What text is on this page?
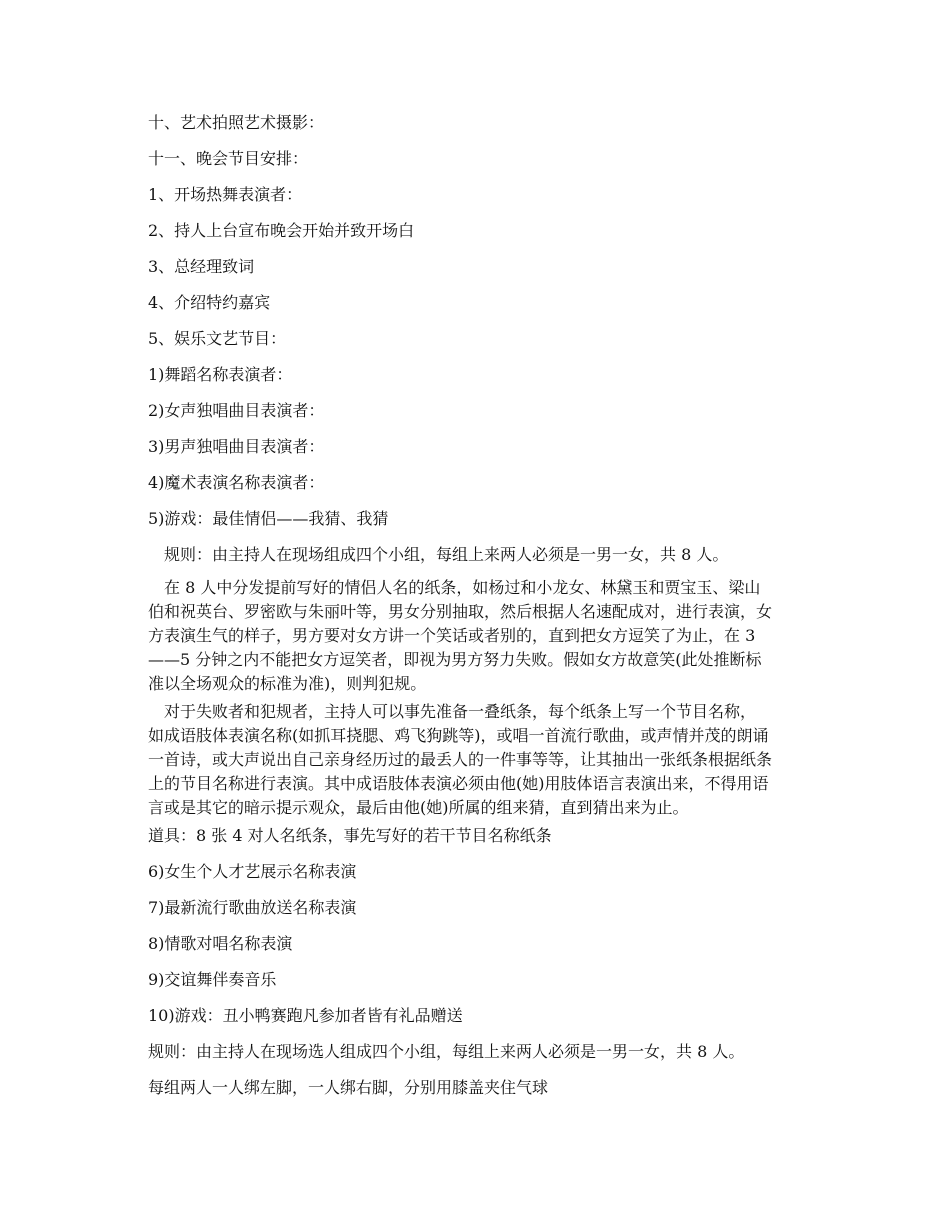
十、艺术拍照艺术摄影：
十一、晚会节目安排：
1、开场热舞表演者：
2、持人上台宣布晚会开始并致开场白
3、总经理致词
4、介绍特约嘉宾
5、娱乐文艺节目：
1)舞蹈名称表演者：
2)女声独唱曲目表演者：
3)男声独唱曲目表演者：
4)魔术表演名称表演者：
5)游戏：最佳情侣——我猜、我猜
　规则：由主持人在现场组成四个小组，每组上来两人必须是一男一女，共 8 人。
　在 8 人中分发提前写好的情侣人名的纸条，如杨过和小龙女、林黛玉和贾宝玉、梁山
伯和祝英台、罗密欧与朱丽叶等，男女分别抽取，然后根据人名速配成对，进行表演，女
方表演生气的样子，男方要对女方讲一个笑话或者别的，直到把女方逗笑了为止，在 3
——5 分钟之内不能把女方逗笑者，即视为男方努力失败。假如女方故意笑(此处推断标
准以全场观众的标准为准)，则判犯规。
　对于失败者和犯规者，主持人可以事先准备一叠纸条，每个纸条上写一个节目名称，
如成语肢体表演名称(如抓耳挠腮、鸡飞狗跳等)，或唱一首流行歌曲，或声情并茂的朗诵
一首诗，或大声说出自己亲身经历过的最丢人的一件事等等，让其抽出一张纸条根据纸条
上的节目名称进行表演。其中成语肢体表演必须由他(她)用肢体语言表演出来，不得用语
言或是其它的暗示提示观众，最后由他(她)所属的组来猜，直到猜出来为止。
道具：8 张 4 对人名纸条，事先写好的若干节目名称纸条
6)女生个人才艺展示名称表演
7)最新流行歌曲放送名称表演
8)情歌对唱名称表演
9)交谊舞伴奏音乐
10)游戏：丑小鸭赛跑凡参加者皆有礼品赠送
规则：由主持人在现场选人组成四个小组，每组上来两人必须是一男一女，共 8 人。
每组两人一人绑左脚，一人绑右脚，分别用膝盖夹住气球
